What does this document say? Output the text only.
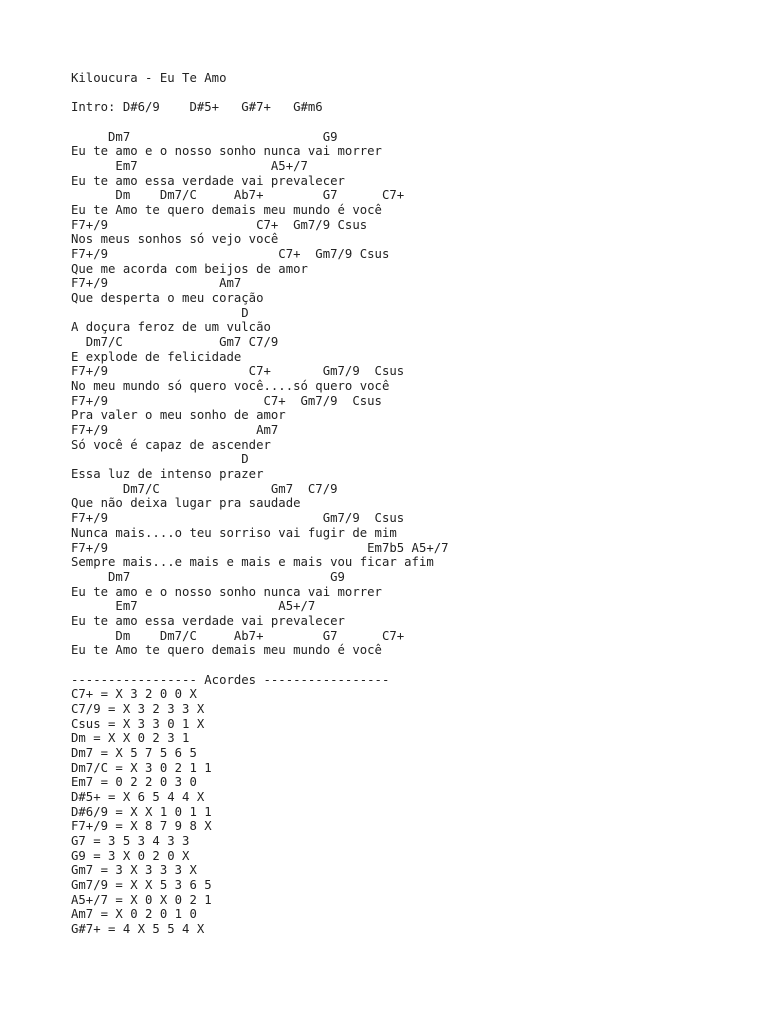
Kiloucura - Eu Te Amo

Intro: D#6/9    D#5+   G#7+   G#m6

Dm7                          G9
Eu te amo e o nosso sonho nunca vai morrer
Em7                  A5+/7
Eu te amo essa verdade vai prevalecer
Dm    Dm7/C     Ab7+        G7      C7+
Eu te Amo te quero demais meu mundo é você
F7+/9                    C7+  Gm7/9 Csus
Nos meus sonhos só vejo você
F7+/9                       C7+  Gm7/9 Csus
Que me acorda com beijos de amor
F7+/9               Am7
Que desperta o meu coração
D
A doçura feroz de um vulcão
Dm7/C             Gm7 C7/9
E explode de felicidade
F7+/9                   C7+       Gm7/9  Csus
No meu mundo só quero você....só quero você
F7+/9                     C7+  Gm7/9  Csus
Pra valer o meu sonho de amor
F7+/9                    Am7
Só você é capaz de ascender
D
Essa luz de intenso prazer
Dm7/C               Gm7  C7/9
Que não deixa lugar pra saudade
F7+/9                             Gm7/9  Csus
Nunca mais....o teu sorriso vai fugir de mim
F7+/9                                   Em7b5 A5+/7
Sempre mais...e mais e mais e mais vou ficar afim
Dm7                           G9
Eu te amo e o nosso sonho nunca vai morrer
Em7                   A5+/7
Eu te amo essa verdade vai prevalecer
Dm    Dm7/C     Ab7+        G7      C7+
Eu te Amo te quero demais meu mundo é você

----------------- Acordes -----------------
C7+ = X 3 2 0 0 X
C7/9 = X 3 2 3 3 X
Csus = X 3 3 0 1 X
Dm = X X 0 2 3 1
Dm7 = X 5 7 5 6 5
Dm7/C = X 3 0 2 1 1
Em7 = 0 2 2 0 3 0
D#5+ = X 6 5 4 4 X
D#6/9 = X X 1 0 1 1
F7+/9 = X 8 7 9 8 X
G7 = 3 5 3 4 3 3
G9 = 3 X 0 2 0 X
Gm7 = 3 X 3 3 3 X
Gm7/9 = X X 5 3 6 5
A5+/7 = X 0 X 0 2 1
Am7 = X 0 2 0 1 0
G#7+ = 4 X 5 5 4 X
